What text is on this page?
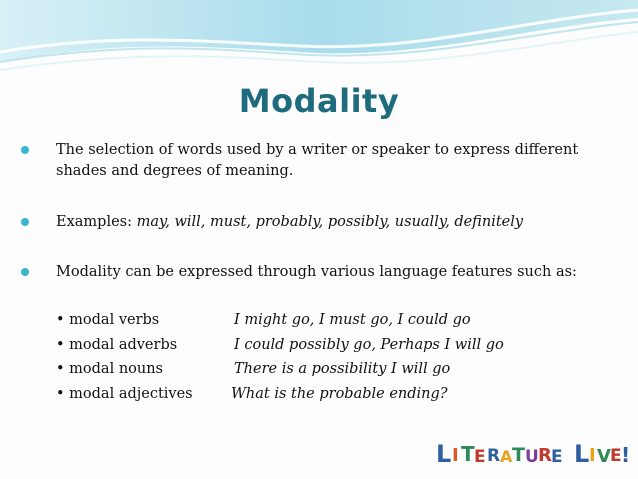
Modality
The selection of words used by a writer or speaker to express different shades and degrees of meaning.
Examples: may, will, must, probably, possibly, usually, definitely
Modality can be expressed through various language features such as:
• modal verbs	I might go, I must go, I could go
• modal adverbs	I could possibly go, Perhaps I will go
• modal nouns	There is a possibility I will go
• modal adjectives	What is the probable ending?
L I T E R A T U R E L I V E !
